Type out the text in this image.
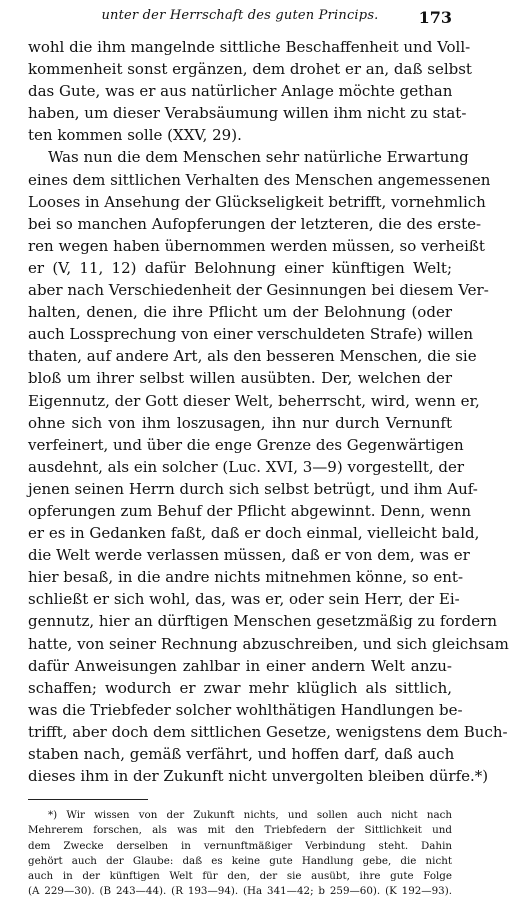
unter der Herrschaft des guten Princips.	173
wohl die ihm mangelnde sittliche Beschaffenheit und Voll-
kommenheit sonst ergänzen, dem drohet er an, daß selbst
das Gute, was er aus natürlicher Anlage möchte gethan
haben, um dieser Verabsäumung willen ihm nicht zu stat-
ten kommen solle (XXV, 29).
Was nun die dem Menschen sehr natürliche Erwartung
eines dem sittlichen Verhalten des Menschen angemessenen
Looses in Ansehung der Glückseligkeit betrifft, vornehmlich
bei so manchen Aufopferungen der letzteren, die des erste-
ren wegen haben übernommen werden müssen, so verheißt
er (V, 11, 12) dafür Belohnung einer künftigen Welt;
aber nach Verschiedenheit der Gesinnungen bei diesem Ver-
halten, denen, die ihre Pflicht um der Belohnung (oder
auch Lossprechung von einer verschuldeten Strafe) willen
thaten, auf andere Art, als den besseren Menschen, die sie
bloß um ihrer selbst willen ausübten. Der, welchen der
Eigennutz, der Gott dieser Welt, beherrscht, wird, wenn er,
ohne sich von ihm loszusagen, ihn nur durch Vernunft
verfeinert, und über die enge Grenze des Gegenwärtigen
ausdehnt, als ein solcher (Luc. XVI, 3—9) vorgestellt, der
jenen seinen Herrn durch sich selbst betrügt, und ihm Auf-
opferungen zum Behuf der Pflicht abgewinnt. Denn, wenn
er es in Gedanken faßt, daß er doch einmal, vielleicht bald,
die Welt werde verlassen müssen, daß er von dem, was er
hier besaß, in die andre nichts mitnehmen könne, so ent-
schließt er sich wohl, das, was er, oder sein Herr, der Ei-
gennutz, hier an dürftigen Menschen gesetzmäßig zu fordern
hatte, von seiner Rechnung abzuschreiben, und sich gleichsam
dafür Anweisungen zahlbar in einer andern Welt anzu-
schaffen; wodurch er zwar mehr klüglich als sittlich,
was die Triebfeder solcher wohlthätigen Handlungen be-
trifft, aber doch dem sittlichen Gesetze, wenigstens dem Buch-
staben nach, gemäß verfährt, und hoffen darf, daß auch
dieses ihm in der Zukunft nicht unvergolten bleiben dürfe.*)
*) Wir wissen von der Zukunft nichts, und sollen auch nicht nach
Mehrerem forschen, als was mit den Triebfedern der Sittlichkeit und
dem Zwecke derselben in vernunftmäßiger Verbindung steht. Dahin
gehört auch der Glaube: daß es keine gute Handlung gebe, die nicht
auch in der künftigen Welt für den, der sie ausübt, ihre gute Folge
(A 229—30). (B 243—44). (R 193—94). (Ha 341—42; b 259—60). (K 192—93).
